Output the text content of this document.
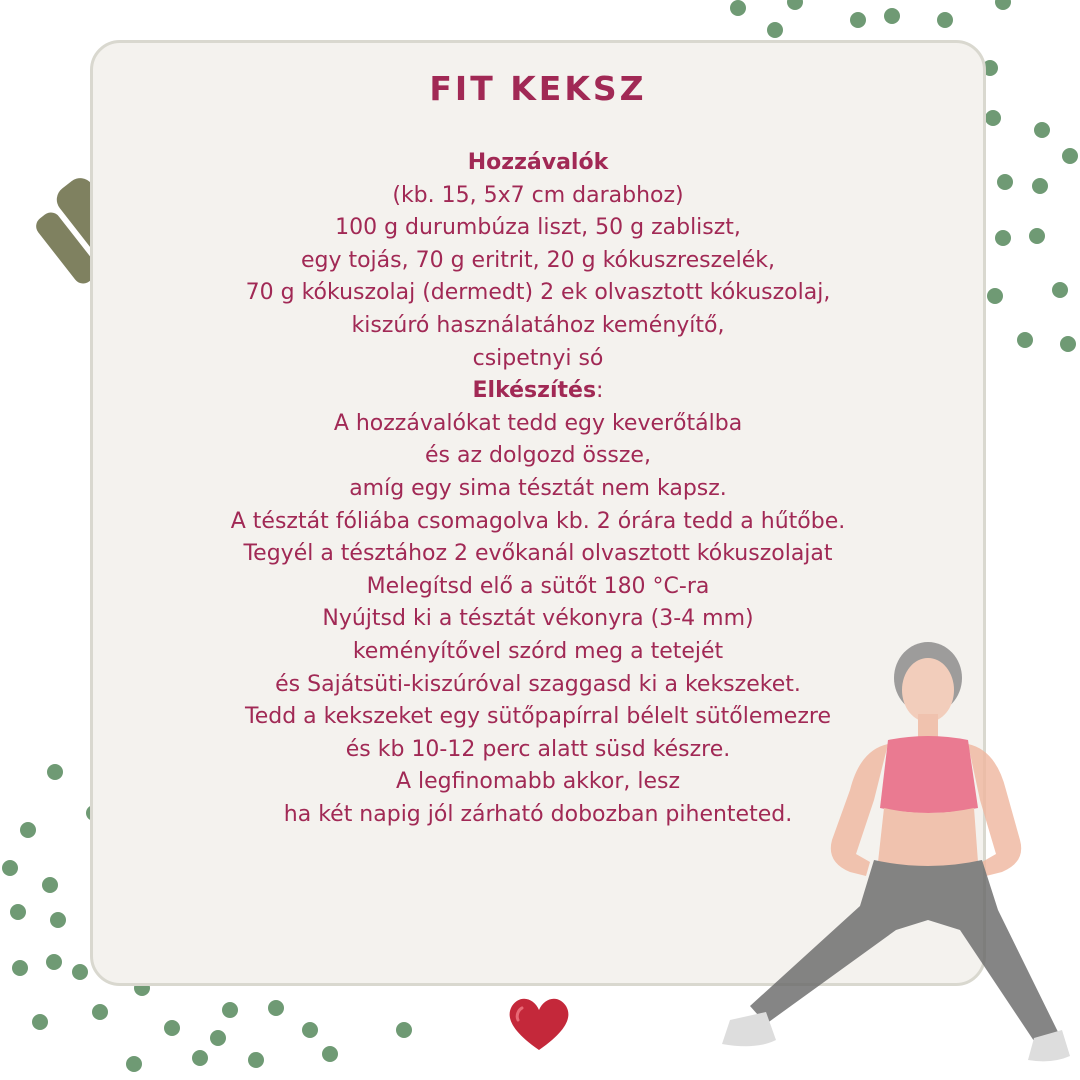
FIT KEKSZ
Hozzávalók
(kb. 15, 5x7 cm darabhoz)
100 g durumbúza liszt, 50 g zabliszt,
egy tojás, 70 g eritrit, 20 g kókuszreszelék,
70 g kókuszolaj (dermedt) 2 ek olvasztott kókuszolaj,
kiszúró használatához keményítő,
csipetnyi só
Elkészítés:
A hozzávalókat tedd egy keverőtálba
és az dolgozd össze,
amíg egy sima tésztát nem kapsz.
A tésztát fóliába csomagolva kb. 2 órára tedd a hűtőbe.
Tegyél a tésztához 2 evőkanál olvasztott kókuszolajat
Melegítsd elő a sütőt 180 °C-ra
Nyújtsd ki a tésztát vékonyra (3-4 mm)
keményítővel szórd meg a tetejét
és Sajátsüti-kiszúróval szaggasd ki a kekszeket.
Tedd a kekszeket egy sütőpapírral bélelt sütőlemezre
és kb 10-12 perc alatt süsd készre.
A legfinomabb akkor, lesz
ha két napig jól zárható dobozban pihenteted.
